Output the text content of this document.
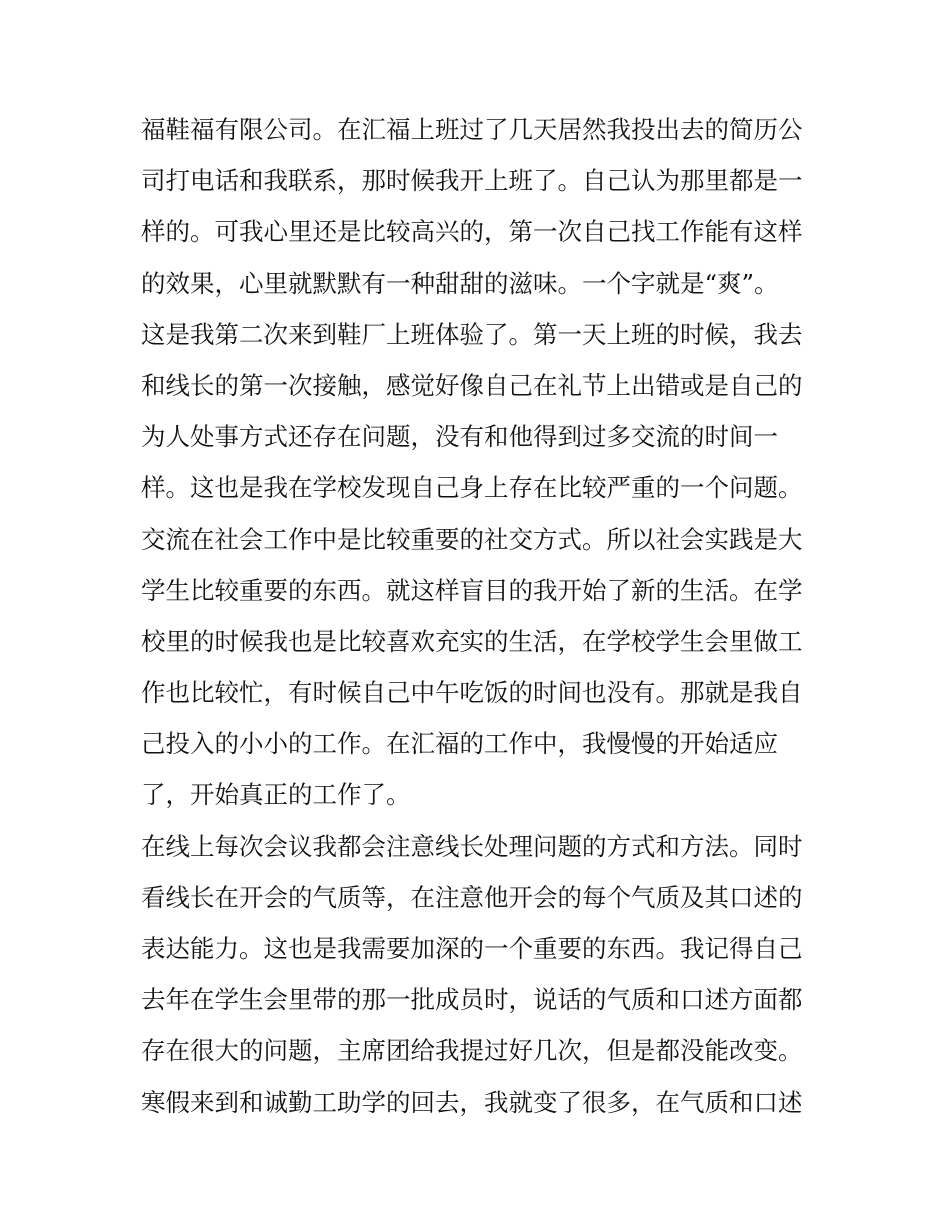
福鞋福有限公司。在汇福上班过了几天居然我投出去的简历公
司打电话和我联系，那时候我开上班了。自己认为那里都是一
样的。可我心里还是比较高兴的，第一次自己找工作能有这样
的效果，心里就默默有一种甜甜的滋味。一个字就是“爽”。
这是我第二次来到鞋厂上班体验了。第一天上班的时候，我去
和线长的第一次接触，感觉好像自己在礼节上出错或是自己的
为人处事方式还存在问题，没有和他得到过多交流的时间一
样。这也是我在学校发现自己身上存在比较严重的一个问题。
交流在社会工作中是比较重要的社交方式。所以社会实践是大
学生比较重要的东西。就这样盲目的我开始了新的生活。在学
校里的时候我也是比较喜欢充实的生活，在学校学生会里做工
作也比较忙，有时候自己中午吃饭的时间也没有。那就是我自
己投入的小小的工作。在汇福的工作中，我慢慢的开始适应
了，开始真正的工作了。
在线上每次会议我都会注意线长处理问题的方式和方法。同时
看线长在开会的气质等，在注意他开会的每个气质及其口述的
表达能力。这也是我需要加深的一个重要的东西。我记得自己
去年在学生会里带的那一批成员时，说话的气质和口述方面都
存在很大的问题，主席团给我提过好几次，但是都没能改变。
寒假来到和诚勤工助学的回去，我就变了很多，在气质和口述
